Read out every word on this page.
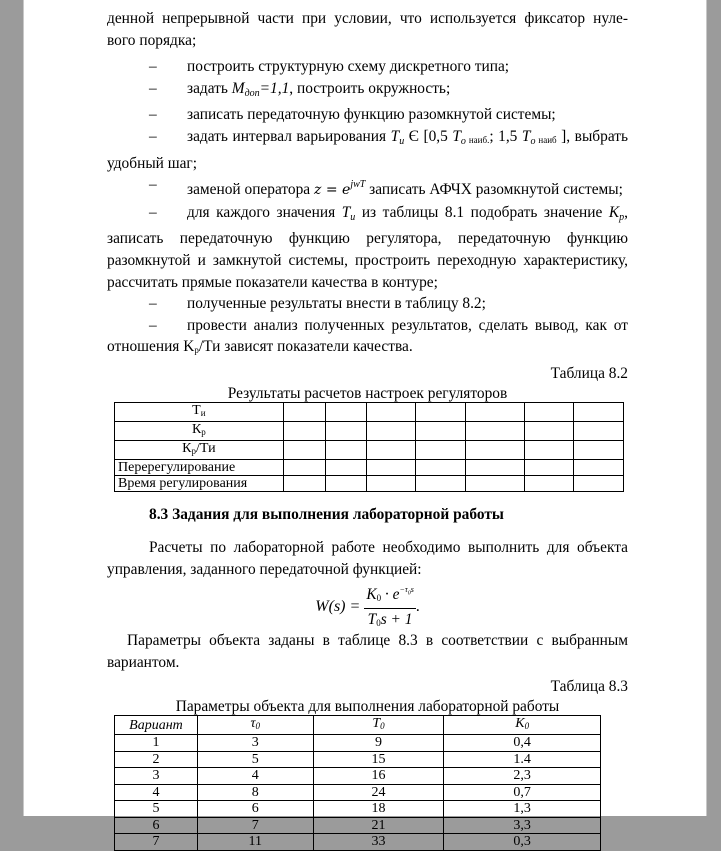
денной непрерывной части при условии, что используется фиксатор нуле-

вого порядка;

– построить структурную схему дискретного типа;

– задать $M_{доп}=1,1$, построить окружность;

– записать передаточную функцию разомкнутой системы;

– задать интервал варьирования $T_и$ Є [0,5 $T_о$ $_{наиб.}$; 1,5 $T_о$ $_{наиб}$ ], выбрать удобный шаг;

– заменой оператора $z = e^{jwT}$ записать АФЧХ разомкнутой системы;

– для каждого значения $T_и$ из таблицы 8.1 подобрать значение $K_р$, записать передаточную функцию регулятора, передаточную функцию разомкнутой и замкнутой системы, простроить переходную характеристику, рассчитать прямые показатели качества в контуре;

– полученные результаты внести в таблицу 8.2;

– провести анализ полученных результатов, сделать вывод, как от отношения $K_р/Ти$ зависят показатели качества.

Таблица 8.2

Результаты расчетов настроек регуляторов

$Т_и$							
$К_р$							
$К_р/Ти$							
Перерегулирование							
Время регулирования							

8.3 Задания для выполнения лабораторной работы

Расчеты по лабораторной работе необходимо выполнить для объекта управления, заданного передаточной функцией:

$W(s) = \frac{K_0 \cdot e^{-\tau_0s}}{T_0s + 1}$ .

Параметры объекта заданы в таблице 8.3 в соответствии с выбранным вариантом.

Таблица 8.3

Параметры объекта для выполнения лабораторной работы

Вариант	$\tau_0$	$T_0$	$K_0$
1	3	9	0,4
2	5	15	1.4
3	4	16	2,3
4	8	24	0,7
5	6	18	1,3
6	7	21	3,3
7	11	33	0,3
